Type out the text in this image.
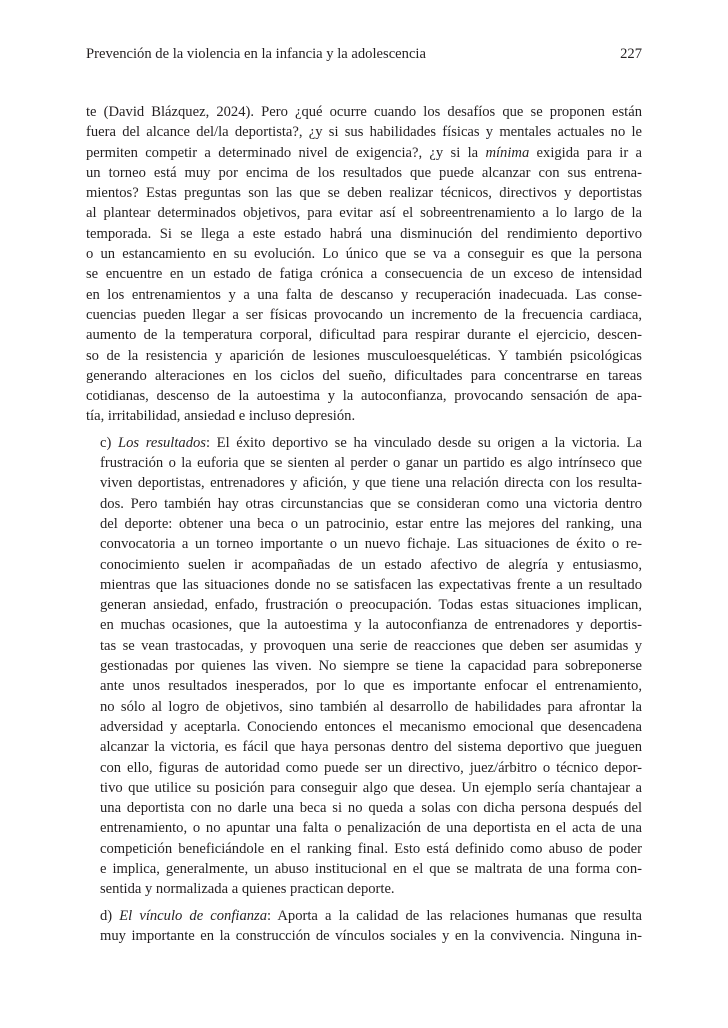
Prevención de la violencia en la infancia y la adolescencia	227

te (David Blázquez, 2024). Pero ¿qué ocurre cuando los desafíos que se proponen están
fuera del alcance del/la deportista?, ¿y si sus habilidades físicas y mentales actuales no le
permiten competir a determinado nivel de exigencia?, ¿y si la mínima exigida para ir a
un torneo está muy por encima de los resultados que puede alcanzar con sus entrena-
mientos? Estas preguntas son las que se deben realizar técnicos, directivos y deportistas
al plantear determinados objetivos, para evitar así el sobreentrenamiento a lo largo de la
temporada. Si se llega a este estado habrá una disminución del rendimiento deportivo
o un estancamiento en su evolución. Lo único que se va a conseguir es que la persona
se encuentre en un estado de fatiga crónica a consecuencia de un exceso de intensidad
en los entrenamientos y a una falta de descanso y recuperación inadecuada. Las conse-
cuencias pueden llegar a ser físicas provocando un incremento de la frecuencia cardiaca,
aumento de la temperatura corporal, dificultad para respirar durante el ejercicio, descen-
so de la resistencia y aparición de lesiones musculoesqueléticas. Y también psicológicas
generando alteraciones en los ciclos del sueño, dificultades para concentrarse en tareas
cotidianas, descenso de la autoestima y la autoconfianza, provocando sensación de apa-
tía, irritabilidad, ansiedad e incluso depresión.

c) Los resultados: El éxito deportivo se ha vinculado desde su origen a la victoria. La
frustración o la euforia que se sienten al perder o ganar un partido es algo intrínseco que
viven deportistas, entrenadores y afición, y que tiene una relación directa con los resulta-
dos. Pero también hay otras circunstancias que se consideran como una victoria dentro
del deporte: obtener una beca o un patrocinio, estar entre las mejores del ranking, una
convocatoria a un torneo importante o un nuevo fichaje. Las situaciones de éxito o re-
conocimiento suelen ir acompañadas de un estado afectivo de alegría y entusiasmo,
mientras que las situaciones donde no se satisfacen las expectativas frente a un resultado
generan ansiedad, enfado, frustración o preocupación. Todas estas situaciones implican,
en muchas ocasiones, que la autoestima y la autoconfianza de entrenadores y deportis-
tas se vean trastocadas, y provoquen una serie de reacciones que deben ser asumidas y
gestionadas por quienes las viven. No siempre se tiene la capacidad para sobreponerse
ante unos resultados inesperados, por lo que es importante enfocar el entrenamiento,
no sólo al logro de objetivos, sino también al desarrollo de habilidades para afrontar la
adversidad y aceptarla. Conociendo entonces el mecanismo emocional que desencadena
alcanzar la victoria, es fácil que haya personas dentro del sistema deportivo que jueguen
con ello, figuras de autoridad como puede ser un directivo, juez/árbitro o técnico depor-
tivo que utilice su posición para conseguir algo que desea. Un ejemplo sería chantajear a
una deportista con no darle una beca si no queda a solas con dicha persona después del
entrenamiento, o no apuntar una falta o penalización de una deportista en el acta de una
competición beneficiándole en el ranking final. Esto está definido como abuso de poder
e implica, generalmente, un abuso institucional en el que se maltrata de una forma con-
sentida y normalizada a quienes practican deporte.

d) El vínculo de confianza: Aporta a la calidad de las relaciones humanas que resulta
muy importante en la construcción de vínculos sociales y en la convivencia. Ninguna in-
